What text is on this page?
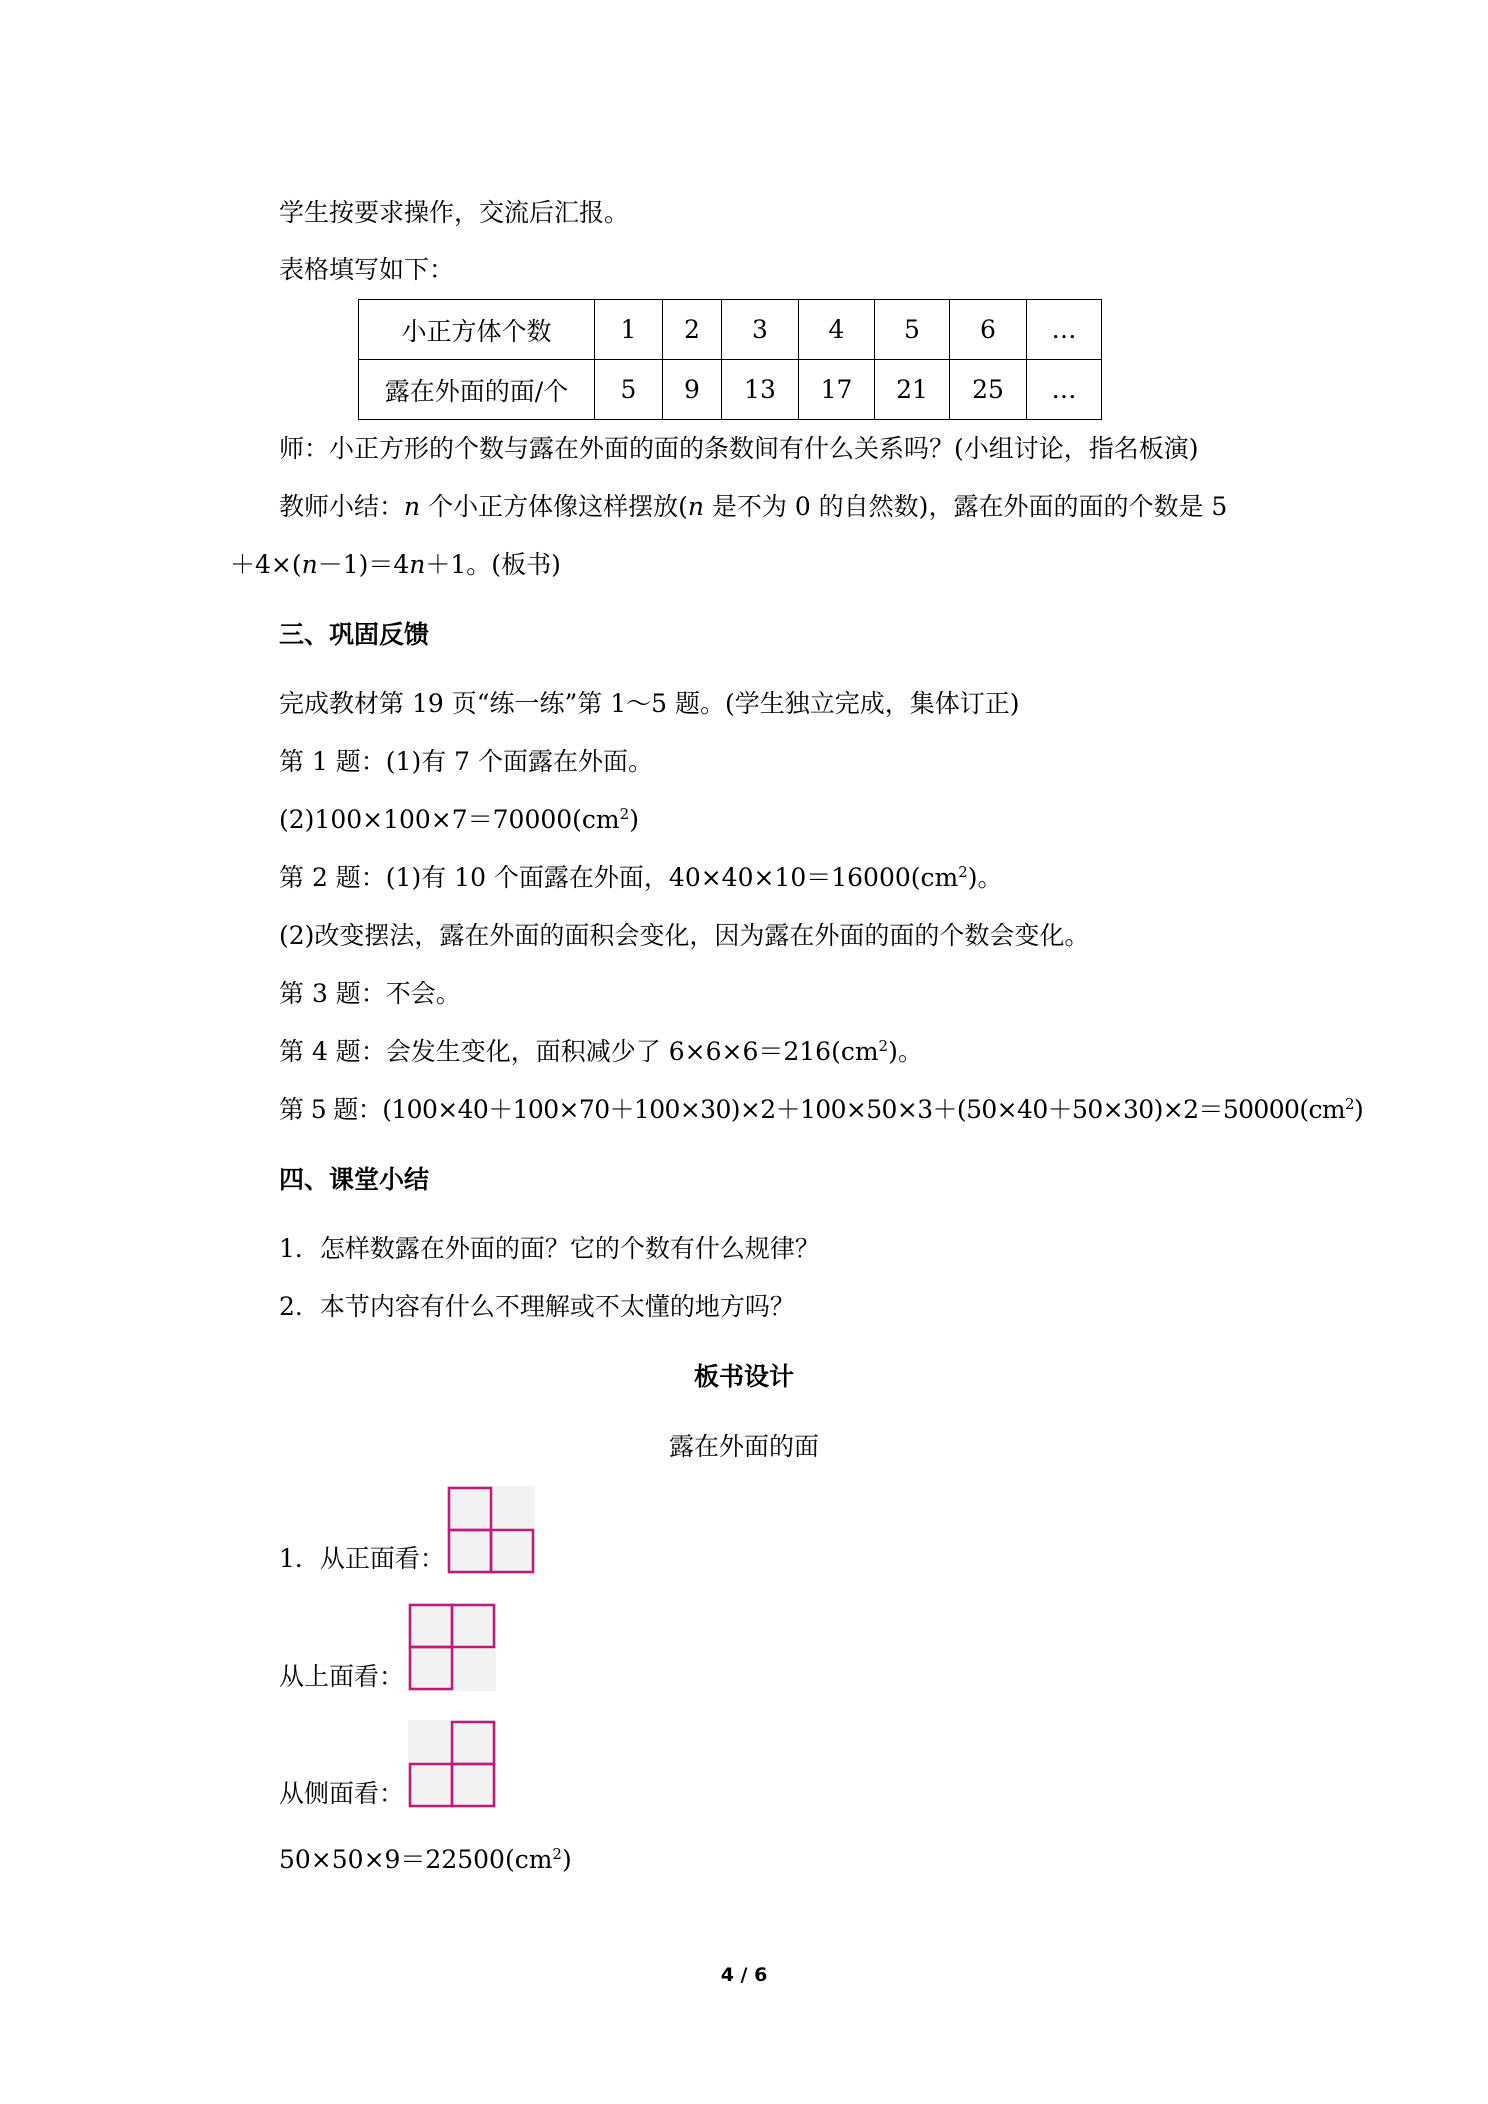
学生按要求操作，交流后汇报。
表格填写如下：
小正方体个数	1	2	3	4	5	6	…
露在外面的面/个	5	9	13	17	21	25	…
师：小正方形的个数与露在外面的面的条数间有什么关系吗？(小组讨论，指名板演)
教师小结：n 个小正方体像这样摆放(n 是不为 0 的自然数)，露在外面的面的个数是 5
＋4×(n－1)＝4n＋1。(板书)
三、巩固反馈
完成教材第 19 页“练一练”第 1～5 题。(学生独立完成，集体订正)
第 1 题：(1)有 7 个面露在外面。
$(2)100\times 100\times 7=70000(cm^2)$
第 2 题：(1)有 10 个面露在外面，$40\times 40\times 10=16000(cm^2)$。
(2)改变摆法，露在外面的面积会变化，因为露在外面的面的个数会变化。
第 3 题：不会。
第 4 题：会发生变化，面积减少了 $6\times 6\times 6=216(cm^2)$。
第 5 题：$(100\times 40+100\times 70+100\times 30)\times 2+100\times 50\times 3+(50\times 40+50\times 30)\times 2=50000(cm^2)$
四、课堂小结
1．怎样数露在外面的面？它的个数有什么规律？
2．本节内容有什么不理解或不太懂的地方吗？
板书设计
露在外面的面
1．从正面看：
从上面看：
从侧面看：
$50\times 50\times 9=22500(cm^2)$
4 / 6
